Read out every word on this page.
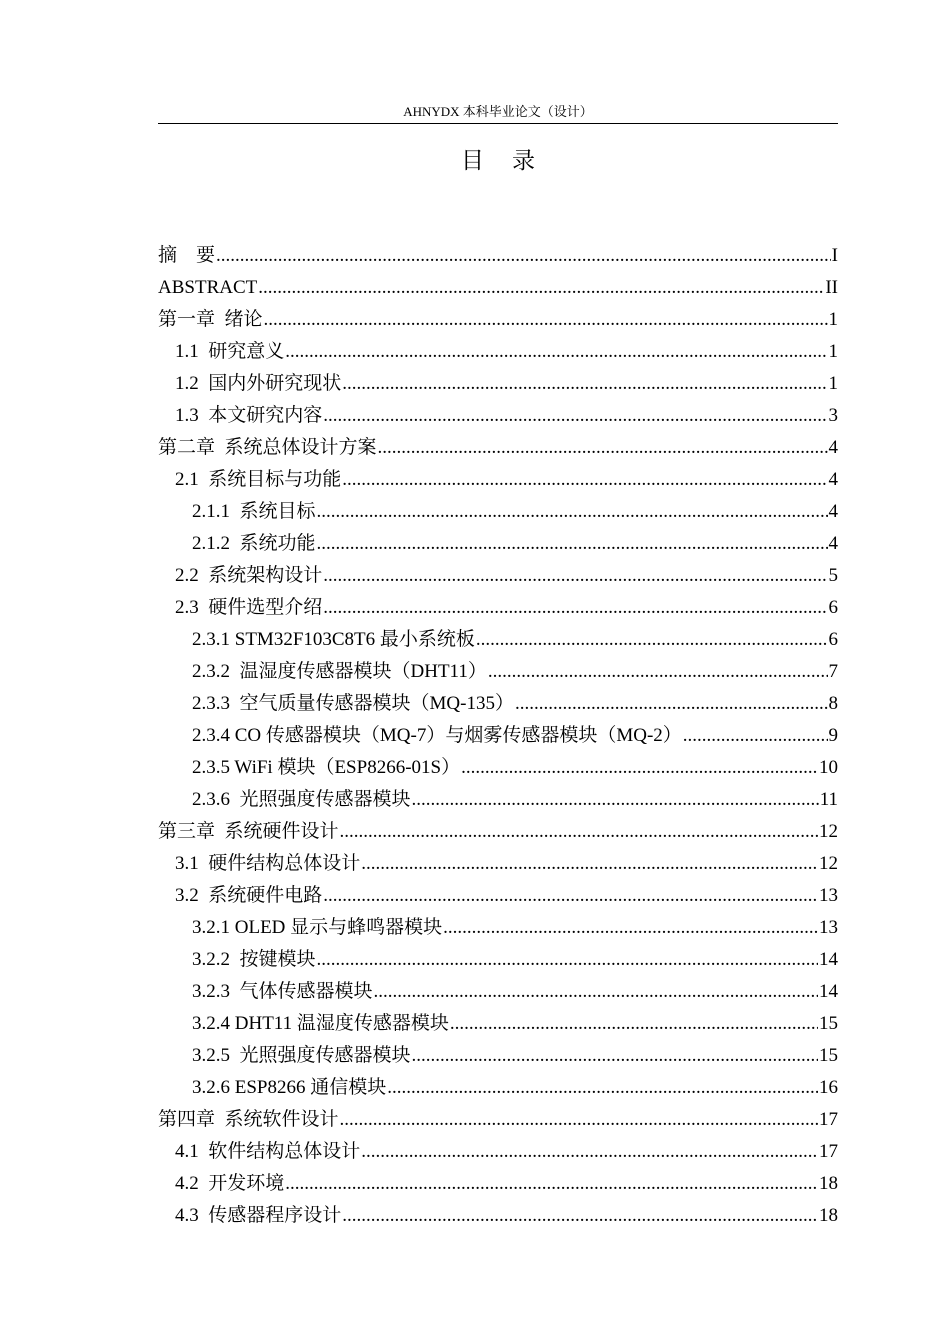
AHNYDX 本科毕业论文（设计）
目录
摘    要 .....	I
ABSTRACT .....	II
第一章  绪论 .....	1
1.1  研究意义 .....	1
1.2  国内外研究现状 .....	1
1.3  本文研究内容 .....	3
第二章  系统总体设计方案 .....	4
2.1  系统目标与功能 .....	4
2.1.1  系统目标 .....	4
2.1.2  系统功能 .....	4
2.2  系统架构设计 .....	5
2.3  硬件选型介绍 .....	6
2.3.1 STM32F103C8T6 最小系统板 .....	6
2.3.2  温湿度传感器模块（DHT11） .....	7
2.3.3  空气质量传感器模块（MQ-135） .....	8
2.3.4 CO 传感器模块（MQ-7）与烟雾传感器模块（MQ-2） .....	9
2.3.5 WiFi 模块（ESP8266-01S） .....	10
2.3.6  光照强度传感器模块 .....	11
第三章  系统硬件设计 .....	12
3.1  硬件结构总体设计 .....	12
3.2  系统硬件电路 .....	13
3.2.1 OLED 显示与蜂鸣器模块 .....	13
3.2.2  按键模块 .....	14
3.2.3  气体传感器模块 .....	14
3.2.4 DHT11 温湿度传感器模块 .....	15
3.2.5  光照强度传感器模块 .....	15
3.2.6 ESP8266 通信模块 .....	16
第四章  系统软件设计 .....	17
4.1  软件结构总体设计 .....	17
4.2  开发环境 .....	18
4.3  传感器程序设计 .....	18
